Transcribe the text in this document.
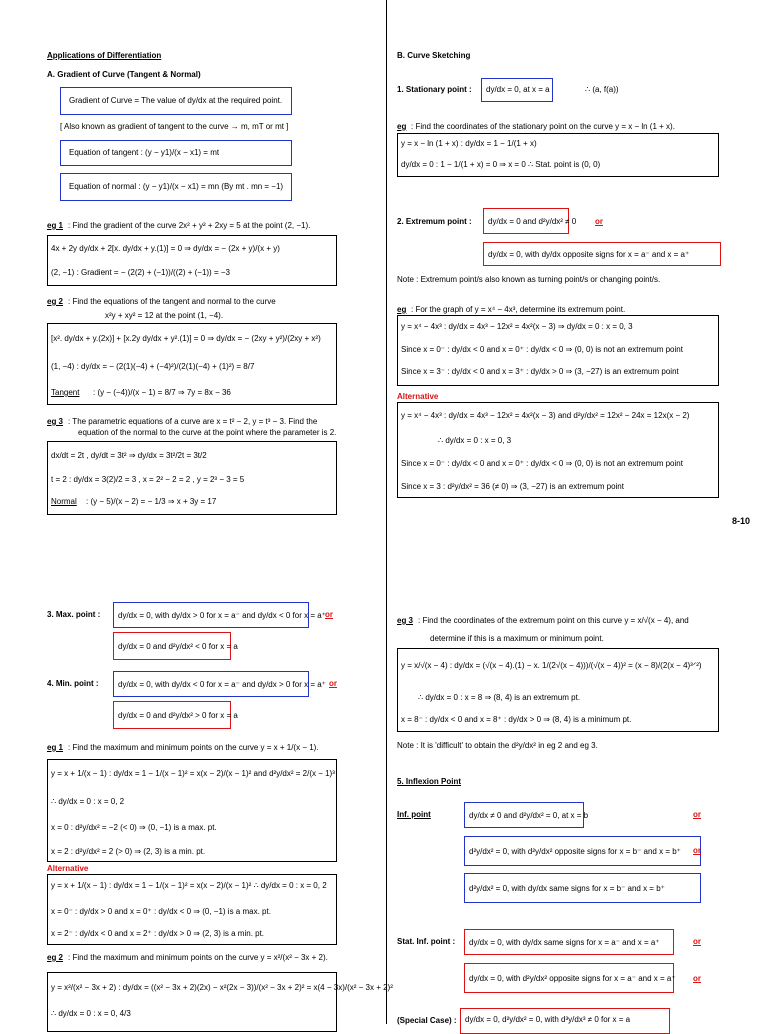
Applications of Differentiation
A. Gradient of Curve (Tangent & Normal)
Gradient of Curve = The value of dy/dx at the required point.
[ Also known as gradient of tangent to the curve → m, mT or mt ]
Equation of tangent : (y − y1)/(x − x1) = mt
Equation of normal : (y − y1)/(x − x1) = mn (By mt . mn = −1)
eg 1 : Find the gradient of the curve 2x² + y² + 2xy = 5 at the point (2, −1).
4x + 2y dy/dx + 2[x. dy/dx + y.(1)] = 0 ⇒ dy/dx = − (2x + y)/(x + y)
(2, −1) : Gradient = − (2(2) + (−1))/((2) + (−1)) = −3
eg 2 : Find the equations of the tangent and normal to the curve
x²y + xy² = 12 at the point (1, −4).
[x². dy/dx + y.(2x)] + [x.2y dy/dx + y².(1)] = 0 ⇒ dy/dx = − (2xy + y²)/(2xy + x²)
(1, −4) : dy/dx = − (2(1)(−4) + (−4)²)/(2(1)(−4) + (1)²) = 8/7
Tangent : (y − (−4))/(x − 1) = 8/7 ⇒ 7y = 8x − 36
eg 3 : The parametric equations of a curve are x = t² − 2, y = t³ − 3. Find the
equation of the normal to the curve at the point where the parameter is 2.
dx/dt = 2t , dy/dt = 3t² ⇒ dy/dx = 3t²/2t = 3t/2
t = 2 : dy/dx = 3(2)/2 = 3 , x = 2² − 2 = 2 , y = 2³ − 3 = 5
Normal : (y − 5)/(x − 2) = − 1/3 ⇒ x + 3y = 17
B. Curve Sketching
1. Stationary point : dy/dx = 0, at x = a	∴ (a, f(a))
eg : Find the coordinates of the stationary point on the curve y = x − ln (1 + x).
y = x − ln (1 + x) : dy/dx = 1 − 1/(1 + x)
dy/dx = 0 : 1 − 1/(1 + x) = 0 ⇒ x = 0 ∴ Stat. point is (0, 0)
2. Extremum point : dy/dx = 0 and d²y/dx² ≠ 0 or
dy/dx = 0, with dy/dx opposite signs for x = a⁻ and x = a⁺
Note : Extremum point/s also known as turning point/s or changing point/s.
eg : For the graph of y = x⁴ − 4x³, determine its extremum point.
y = x⁴ − 4x³ : dy/dx = 4x³ − 12x² = 4x²(x − 3) ⇒ dy/dx = 0 : x = 0, 3
Since x = 0⁻ : dy/dx < 0 and x = 0⁺ : dy/dx < 0 ⇒ (0, 0) is not an extremum point
Since x = 3⁻ : dy/dx < 0 and x = 3⁺ : dy/dx > 0 ⇒ (3, −27) is an extremum point
Alternative
y = x⁴ − 4x³ : dy/dx = 4x³ − 12x² = 4x²(x − 3) and d²y/dx² = 12x² − 24x = 12x(x − 2)
∴ dy/dx = 0 : x = 0, 3
Since x = 0⁻ : dy/dx < 0 and x = 0⁺ : dy/dx < 0 ⇒ (0, 0) is not an extremum point
Since x = 3 : d²y/dx² = 36 (≠ 0) ⇒ (3, −27) is an extremum point
8-10
3. Max. point : dy/dx = 0, with dy/dx > 0 for x = a⁻ and dy/dx < 0 for x = a⁺ or
dy/dx = 0 and d²y/dx² < 0 for x = a
4. Min. point : dy/dx = 0, with dy/dx < 0 for x = a⁻ and dy/dx > 0 for x = a⁺ or
dy/dx = 0 and d²y/dx² > 0 for x = a
eg 1 : Find the maximum and minimum points on the curve y = x + 1/(x − 1).
y = x + 1/(x − 1) : dy/dx = 1 − 1/(x − 1)² = x(x − 2)/(x − 1)² and d²y/dx² = 2/(x − 1)³
∴ dy/dx = 0 : x = 0, 2
x = 0 : d²y/dx² = −2 (< 0) ⇒ (0, −1) is a max. pt.
x = 2 : d²y/dx² = 2 (> 0) ⇒ (2, 3) is a min. pt.
Alternative
y = x + 1/(x − 1) : dy/dx = 1 − 1/(x − 1)² = x(x − 2)/(x − 1)² ∴ dy/dx = 0 : x = 0, 2
x = 0⁻ : dy/dx > 0 and x = 0⁺ : dy/dx < 0 ⇒ (0, −1) is a max. pt.
x = 2⁻ : dy/dx < 0 and x = 2⁺ : dy/dx > 0 ⇒ (2, 3) is a min. pt.
eg 2 : Find the maximum and minimum points on the curve y = x²/(x² − 3x + 2).
y = x²/(x² − 3x + 2) : dy/dx = ((x² − 3x + 2)(2x) − x²(2x − 3))/(x² − 3x + 2)² = x(4 − 3x)/(x² − 3x + 2)²
∴ dy/dx = 0 : x = 0, 4/3
eg 3 : Find the coordinates of the extremum point on this curve y = x/√(x − 4), and
determine if this is a maximum or minimum point.
y = x/√(x − 4) : dy/dx = (√(x − 4).(1) − x. 1/(2√(x − 4)))/(√(x − 4))² = (x − 8)/(2(x − 4)³ᐟ²)
∴ dy/dx = 0 : x = 8 ⇒ (8, 4) is an extremum pt.
x = 8⁻ : dy/dx < 0 and x = 8⁺ : dy/dx > 0 ⇒ (8, 4) is a minimum pt.
Note : It is 'difficult' to obtain the d²y/dx² in eg 2 and eg 3.
5. Inflexion Point
Inf. point	dy/dx ≠ 0 and d²y/dx² = 0, at x = b	or
d²y/dx² = 0, with d²y/dx² opposite signs for x = b⁻ and x = b⁺ or
d²y/dx² = 0, with dy/dx same signs for x = b⁻ and x = b⁺
Stat. Inf. point : dy/dx = 0, with dy/dx same signs for x = a⁻ and x = a⁺	or
dy/dx = 0, with d²y/dx² opposite signs for x = a⁻ and x = a⁺ or
(Special Case) : dy/dx = 0, d²y/dx² = 0, with d³y/dx³ ≠ 0 for x = a
